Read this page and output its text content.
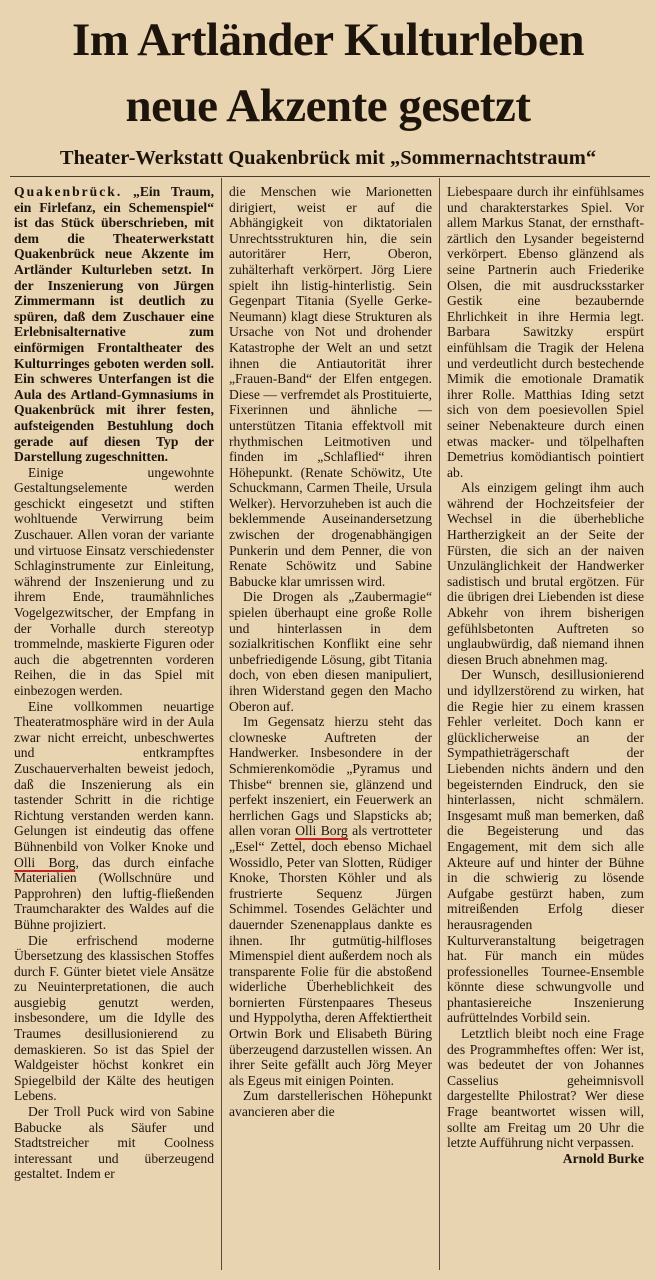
Im Artländer Kulturleben
neue Akzente gesetzt
Theater-Werkstatt Quakenbrück mit „Sommernachtstraum“

Quakenbrück. „Ein Traum, ein Firlefanz, ein Schemenspiel“ ist das Stück überschrieben, mit dem die Theaterwerkstatt Quakenbrück neue Akzente im Artländer Kulturleben setzt. In der Inszenierung von Jürgen Zimmermann ist deutlich zu spüren, daß dem Zuschauer eine Erlebnisalternative zum einförmigen Frontaltheater des Kulturringes geboten werden soll. Ein schweres Unterfangen ist die Aula des Artland-Gymnasiums in Quakenbrück mit ihrer festen, aufsteigenden Bestuhlung doch gerade auf diesen Typ der Darstellung zugeschnitten.

Einige ungewohnte Gestaltungselemente werden geschickt eingesetzt und stiften wohltuende Verwirrung beim Zuschauer. Allen voran der variante und virtuose Einsatz verschiedenster Schlaginstrumente zur Einleitung, während der Inszenierung und zu ihrem Ende, traumähnliches Vogelgezwitscher, der Empfang in der Vorhalle durch stereotyp trommelnde, maskierte Figuren oder auch die abgetrennten vorderen Reihen, die in das Spiel mit einbezogen werden.

Eine vollkommen neuartige Theateratmosphäre wird in der Aula zwar nicht erreicht, unbeschwertes und entkrampftes Zuschauerverhalten beweist jedoch, daß die Inszenierung als ein tastender Schritt in die richtige Richtung verstanden werden kann. Gelungen ist eindeutig das offene Bühnenbild von Volker Knoke und Olli Borg, das durch einfache Materialien (Wollschnüre und Papprohren) den luftig-fließenden Traumcharakter des Waldes auf die Bühne projiziert.

Die erfrischend moderne Übersetzung des klassischen Stoffes durch F. Günter bietet viele Ansätze zu Neuinterpretationen, die auch ausgiebig genutzt werden, insbesondere, um die Idylle des Traumes desillusionierend zu demaskieren. So ist das Spiel der Waldgeister höchst konkret ein Spiegelbild der Kälte des heutigen Lebens.

Der Troll Puck wird von Sabine Babucke als Säufer und Stadtstreicher mit Coolness interessant und überzeugend gestaltet. Indem er

die Menschen wie Marionetten dirigiert, weist er auf die Abhängigkeit von diktatorialen Unrechtsstrukturen hin, die sein autoritärer Herr, Oberon, zuhälterhaft verkörpert. Jörg Liere spielt ihn listig-hinterlistig. Sein Gegenpart Titania (Syelle Gerke-Neumann) klagt diese Strukturen als Ursache von Not und drohender Katastrophe der Welt an und setzt ihnen die Antiautorität ihrer „Frauen-Band“ der Elfen entgegen. Diese — verfremdet als Prostituierte, Fixerinnen und ähnliche — unterstützen Titania effektvoll mit rhythmischen Leitmotiven und finden im „Schlaflied“ ihren Höhepunkt. (Renate Schöwitz, Ute Schuckmann, Carmen Theile, Ursula Welker). Hervorzuheben ist auch die beklemmende Auseinandersetzung zwischen der drogenabhängigen Punkerin und dem Penner, die von Renate Schöwitz und Sabine Babucke klar umrissen wird.

Die Drogen als „Zaubermagie“ spielen überhaupt eine große Rolle und hinterlassen in dem sozialkritischen Konflikt eine sehr unbefriedigende Lösung, gibt Titania doch, von eben diesen manipuliert, ihren Widerstand gegen den Macho Oberon auf.

Im Gegensatz hierzu steht das clowneske Auftreten der Handwerker. Insbesondere in der Schmierenkomödie „Pyramus und Thisbe“ brennen sie, glänzend und perfekt inszeniert, ein Feuerwerk an herrlichen Gags und Slapsticks ab; allen voran Olli Borg als vertrotteter „Esel“ Zettel, doch ebenso Michael Wossidlo, Peter van Slotten, Rüdiger Knoke, Thorsten Köhler und als frustrierte Sequenz Jürgen Schimmel. Tosendes Gelächter und dauernder Szenenapplaus dankte es ihnen. Ihr gutmütig-hilfloses Mimenspiel dient außerdem noch als transparente Folie für die abstoßend widerliche Überheblichkeit des bornierten Fürstenpaares Theseus und Hyppolytha, deren Affektiertheit Ortwin Bork und Elisabeth Büring überzeugend darzustellen wissen. An ihrer Seite gefällt auch Jörg Meyer als Egeus mit einigen Pointen.

Zum darstellerischen Höhepunkt avancieren aber die

Liebespaare durch ihr einfühlsames und charakterstarkes Spiel. Vor allem Markus Stanat, der ernsthaft-zärtlich den Lysander begeisternd verkörpert. Ebenso glänzend als seine Partnerin auch Friederike Olsen, die mit ausdrucksstarker Gestik eine bezaubernde Ehrlichkeit in ihre Hermia legt. Barbara Sawitzky erspürt einfühlsam die Tragik der Helena und verdeutlicht durch bestechende Mimik die emotionale Dramatik ihrer Rolle. Matthias Iding setzt sich von dem poesievollen Spiel seiner Nebenakteure durch einen etwas macker- und tölpelhaften Demetrius komödiantisch pointiert ab.

Als einzigem gelingt ihm auch während der Hochzeitsfeier der Wechsel in die überhebliche Hartherzigkeit an der Seite der Fürsten, die sich an der naiven Unzulänglichkeit der Handwerker sadistisch und brutal ergötzen. Für die übrigen drei Liebenden ist diese Abkehr von ihrem bisherigen gefühlsbetonten Auftreten so unglaubwürdig, daß niemand ihnen diesen Bruch abnehmen mag.

Der Wunsch, desillusionierend und idyllzerstörend zu wirken, hat die Regie hier zu einem krassen Fehler verleitet. Doch kann er glücklicherweise an der Sympathieträgerschaft der Liebenden nichts ändern und den begeisternden Eindruck, den sie hinterlassen, nicht schmälern. Insgesamt muß man bemerken, daß die Begeisterung und das Engagement, mit dem sich alle Akteure auf und hinter der Bühne in die schwierig zu lösende Aufgabe gestürzt haben, zum mitreißenden Erfolg dieser herausragenden Kulturveranstaltung beigetragen hat. Für manch ein müdes professionelles Tournee-Ensemble könnte diese schwungvolle und phantasiereiche Inszenierung aufrüttelndes Vorbild sein.

Letztlich bleibt noch eine Frage des Programmheftes offen: Wer ist, was bedeutet der von Johannes Casselius geheimnisvoll dargestellte Philostrat? Wer diese Frage beantwortet wissen will, sollte am Freitag um 20 Uhr die letzte Aufführung nicht verpassen.
Arnold Burke
